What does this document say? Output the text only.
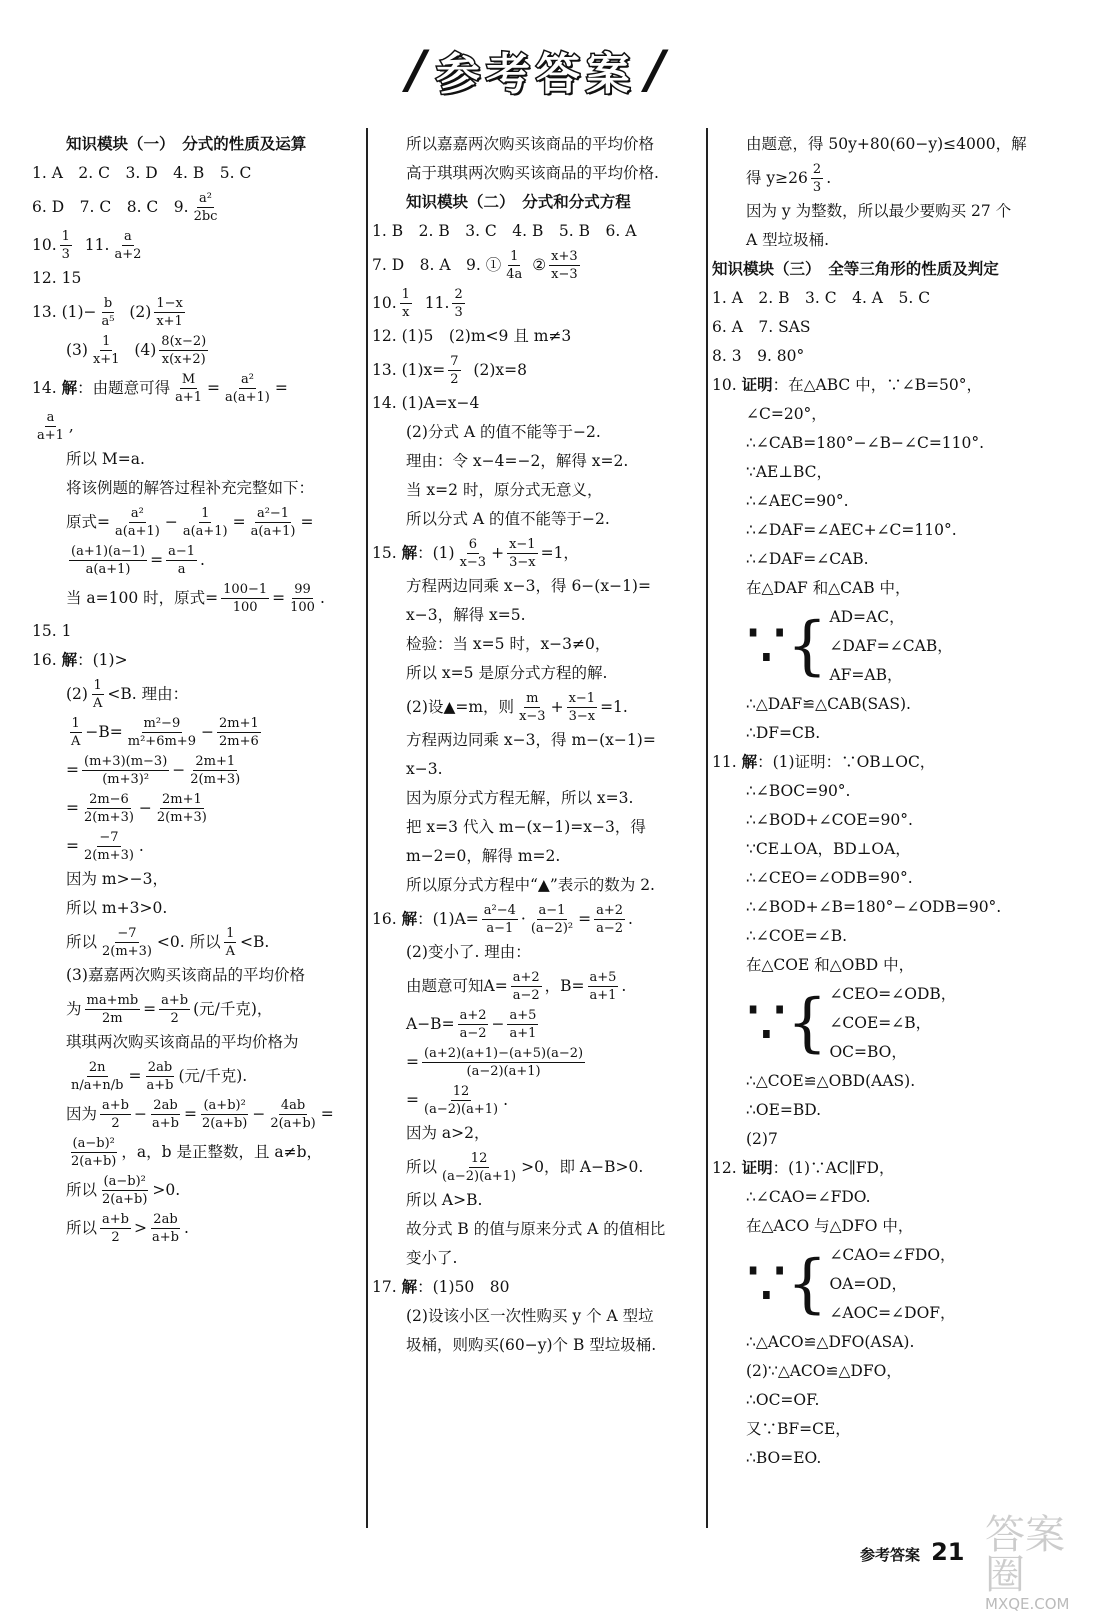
/ 参考答案 /
知识模块（一）　分式的性质及运算
1. A　2. C　3. D　4. B　5. C
6. D　7. C　8. C　9. $\frac{\text{a²}}{2bc}$
10. $\frac{1}{3}$
11. $\frac{a}{a+2}$
12. 15
13. $(1)- \frac{b}{\text{a⁵}}$
$(2) \frac{1-x}{x+1}$
$(3) \frac{1}{x+1}$
$(4) \frac{8(x-2)}{x(x+2)}$
14.
解 ：由题意可得 $\frac{M}{a+1} = \frac{\text{a²}}{a(a+1)}$ =
$\frac{a}{a+1}$ ,
所以 M=a.
将该例题的解答过程补充完整如下：
原式= $\frac{\text{a²}}{a(a+1)} - \frac{1}{a(a+1)} = \frac{\text{a²−1}}{a(a+1)}$ =
$\frac{(a+1)(a-1)}{a(a+1)} = \frac{a-1}{a}$ .
当 a=100 时，原式= $\frac{100-1}{100} = \frac{99}{100}$ .
15. 1
16.
解 ：(1)>
$(2) \frac{1}{A} <B$. 理由：
$\frac{1}{A} -B= \frac{\text{m²−9}}{\text{m²+6m+9}} - \frac{2m+1}{2m+6}$
= $\frac{(m+3)(m-3)}{\text{(m+3)²}} - \frac{2m+1}{2(m+3)}$
= $\frac{2m-6}{2(m+3)} - \frac{2m+1}{2(m+3)}$
= $\frac{-7}{2(m+3)}$ .
因为 m>−3，
所以 m+3>0.
所以 $\frac{-7}{2(m+3)} <0$. 所以 $\frac{1}{A} <B$.
(3)嘉嘉两次购买该商品的平均价格
为 $\frac{ma+mb}{2m} = \frac{a+b}{2}$ (元/千克)，
琪琪两次购买该商品的平均价格为
$\frac{2n}{n/a+n/b} = \frac{2ab}{a+b}$ (元/千克).
因为 $\frac{a+b}{2} - \frac{2ab}{a+b} = \frac{\text{(a+b)²}}{2(a+b)} - \frac{4ab}{2(a+b)}$ =
$\frac{\text{(a−b)²}}{2(a+b)}$ ，a，b 是正整数，且 a≠b，
所以 $\frac{\text{(a−b)²}}{2(a+b)} >0$.
所以 $\frac{a+b}{2} > \frac{2ab}{a+b}$ .
所以嘉嘉两次购买该商品的平均价格
高于琪琪两次购买该商品的平均价格.
知识模块（二）　分式和分式方程
1. B　2. B　3. C　4. B　5. B　6. A
7. D　8. A　9. ① $\frac{1}{4a}$
② $\frac{x+3}{x-3}$
10. $\frac{1}{x}$
11. $\frac{2}{3}$
12. (1)5　(2)m<9 且 m≠3
13. $(1)x= \frac{7}{2}$
(2)x=8
14. (1)A=x−4
(2)分式 A 的值不能等于−2.
理由：令 x−4=−2，解得 x=2.
当 x=2 时，原分式无意义，
所以分式 A 的值不能等于−2.
15.
解 ：$(1) \frac{6}{x-3} + \frac{x-1}{3-x} =1$，
方程两边同乘 x−3，得 6−(x−1)=
x−3，解得 x=5.
检验：当 x=5 时，x−3≠0，
所以 x=5 是原分式方程的解.
(2)设▲=m，则 $\frac{m}{x-3} + \frac{x-1}{3-x} =1$.
方程两边同乘 x−3，得 m−(x−1)=
x−3.
因为原分式方程无解，所以 x=3.
把 x=3 代入 m−(x−1)=x−3，得
m−2=0，解得 m=2.
所以原分式方程中“▲”表示的数为 2.
16.
解 ：$(1)A= \frac{\text{a²−4}}{a-1} \cdot \frac{a-1}{\text{(a−2)²}} = \frac{a+2}{a-2}$ .
(2)变小了. 理由：
由题意可知$A= \frac{a+2}{a-2}$ ，$B= \frac{a+5}{a+1}$ .
$A-B= \frac{a+2}{a-2} - \frac{a+5}{a+1}$
= $\frac{(a+2)(a+1)-(a+5)(a-2)}{(a-2)(a+1)}$
= $\frac{12}{(a-2)(a+1)}$ .
因为 a>2，
所以 $\frac{12}{(a-2)(a+1)} >0$，即 A−B>0.
所以 A>B.
故分式 B 的值与原来分式 A 的值相比
变小了.
17.
解 ：(1)50　80
(2)设该小区一次性购买 y 个 A 型垃
圾桶，则购买(60−y)个 B 型垃圾桶.
由题意，得 50y+80(60−y)≤4000，解
得 $y\ge 26 \frac{2}{3}$ .
因为 y 为整数，所以最少要购买 27 个
A 型垃圾桶.
知识模块（三）　全等三角形的性质及判定
1. A　2. B　3. C　4. A　5. C
6. A　7. SAS
8. 3　9. 80°
10.
证明 ：在△ABC 中，∵∠B=50°，
∠C=20°，
∴∠CAB=180°−∠B−∠C=110°.
∵AE⊥BC，
∴∠AEC=90°.
∴∠DAF=∠AEC+∠C=110°.
∴∠DAF=∠CAB.
在△DAF 和△CAB 中，
∵{ AD=AC，
∠DAF=∠CAB，
AF=AB，
∴△DAF≌△CAB(SAS).
∴DF=CB.
11.
解 ：(1)证明：∵OB⊥OC，
∴∠BOC=90°.
∴∠BOD+∠COE=90°.
∵CE⊥OA，BD⊥OA，
∴∠CEO=∠ODB=90°.
∴∠BOD+∠B=180°−∠ODB=90°.
∴∠COE=∠B.
在△COE 和△OBD 中，
∵{ ∠CEO=∠ODB，
∠COE=∠B，
OC=BO，
∴△COE≌△OBD(AAS).
∴OE=BD.
(2)7
12.
证明 ：(1)∵AC∥FD，
∴∠CAO=∠FDO.
在△ACO 与△DFO 中，
∵{ ∠CAO=∠FDO，
OA=OD，
∠AOC=∠DOF，
∴△ACO≌△DFO(ASA).
(2)∵△ACO≌△DFO，
∴OC=OF.
又∵BF=CE，
∴BO=EO.
参考答案 21 答案圈
MXQE.COM
